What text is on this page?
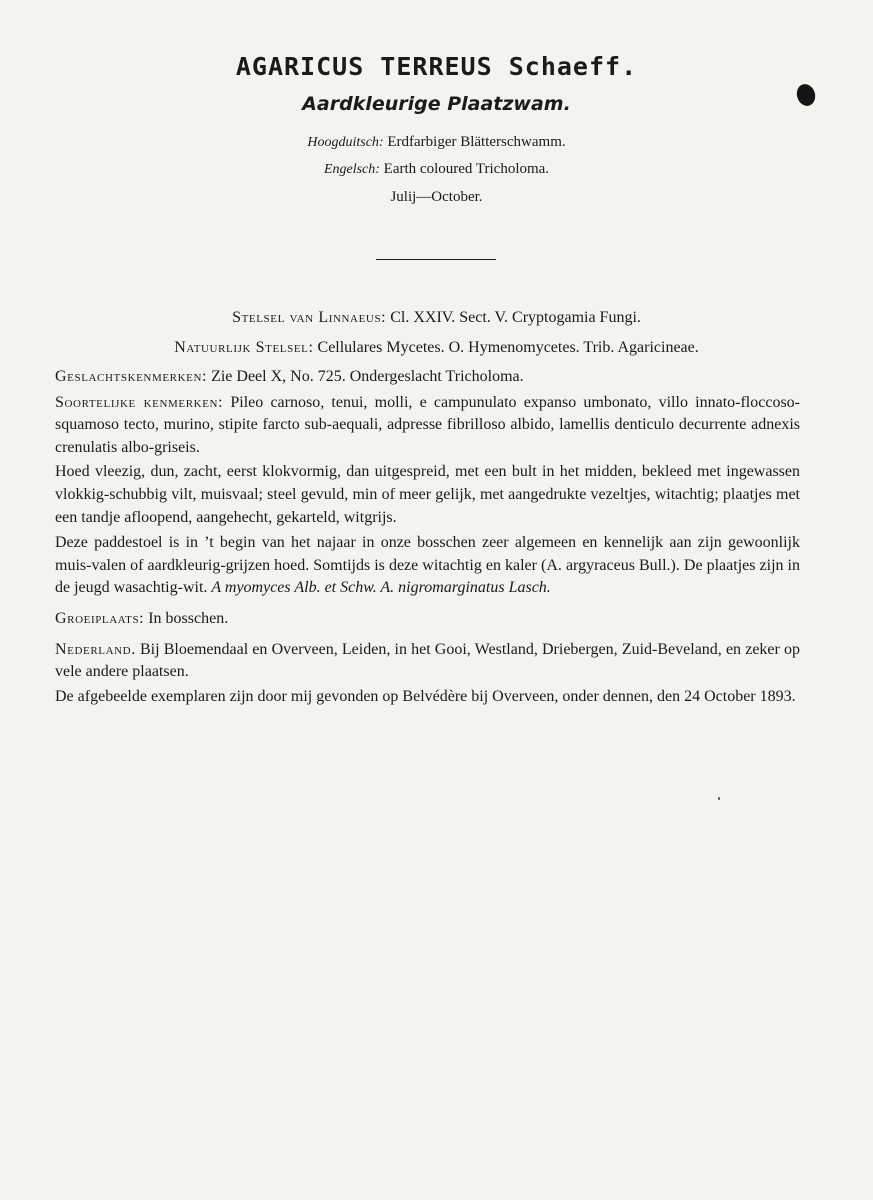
AGARICUS TERREUS Schaeff.
Aardkleurige Plaatzwam.
Hoogduitsch: Erdfarbiger Blätterschwamm.
Engelsch: Earth coloured Tricholoma.
Julij—October.
Stelsel van Linnaeus: Cl. XXIV. Sect. V. Cryptogamia Fungi.
Natuurlijk Stelsel: Cellulares Mycetes. O. Hymenomycetes. Trib. Agaricineae.

Geslachtskenmerken: Zie Deel X, No. 725. Ondergeslacht Tricholoma.

Soortelijke kenmerken: Pileo carnoso, tenui, molli, e campunulato expanso umbonato, villo innato-floccoso-squamoso tecto, murino, stipite farcto sub-aequali, adpresse fibrilloso albido, lamellis denticulo decurrente adnexis crenulatis albo-griseis.

Hoed vleezig, dun, zacht, eerst klokvormig, dan uitgespreid, met een bult in het midden, bekleed met ingewassen vlokkig-schubbig vilt, muisvaal; steel gevuld, min of meer gelijk, met aangedrukte vezeltjes, witachtig; plaatjes met een tandje afloopend, aangehecht, gekarteld, witgrijs.

Deze paddestoel is in ’t begin van het najaar in onze bosschen zeer algemeen en kennelijk aan zijn gewoonlijk muis-valen of aardkleurig-grijzen hoed. Somtijds is deze witachtig en kaler (A. argyraceus Bull.). De plaatjes zijn in de jeugd wasachtig-wit. A myomyces Alb. et Schw. A. nigromarginatus Lasch.

Groeiplaats: In bosschen.

Nederland. Bij Bloemendaal en Overveen, Leiden, in het Gooi, Westland, Driebergen, Zuid-Beveland, en zeker op vele andere plaatsen.

De afgebeelde exemplaren zijn door mij gevonden op Belvédère bij Overveen, onder dennen, den 24 October 1893.
